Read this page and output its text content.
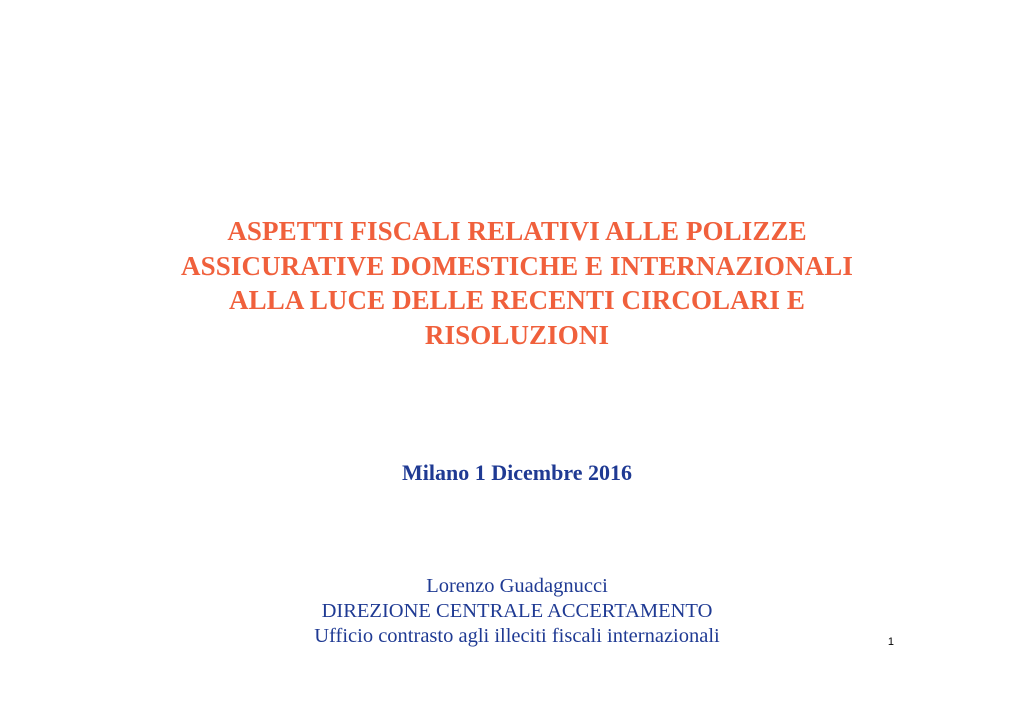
ASPETTI FISCALI RELATIVI ALLE POLIZZE
ASSICURATIVE DOMESTICHE E INTERNAZIONALI
ALLA LUCE DELLE RECENTI CIRCOLARI E
RISOLUZIONI
Milano 1 Dicembre 2016
Lorenzo Guadagnucci
DIREZIONE CENTRALE ACCERTAMENTO
Ufficio contrasto agli illeciti fiscali internazionali	1
